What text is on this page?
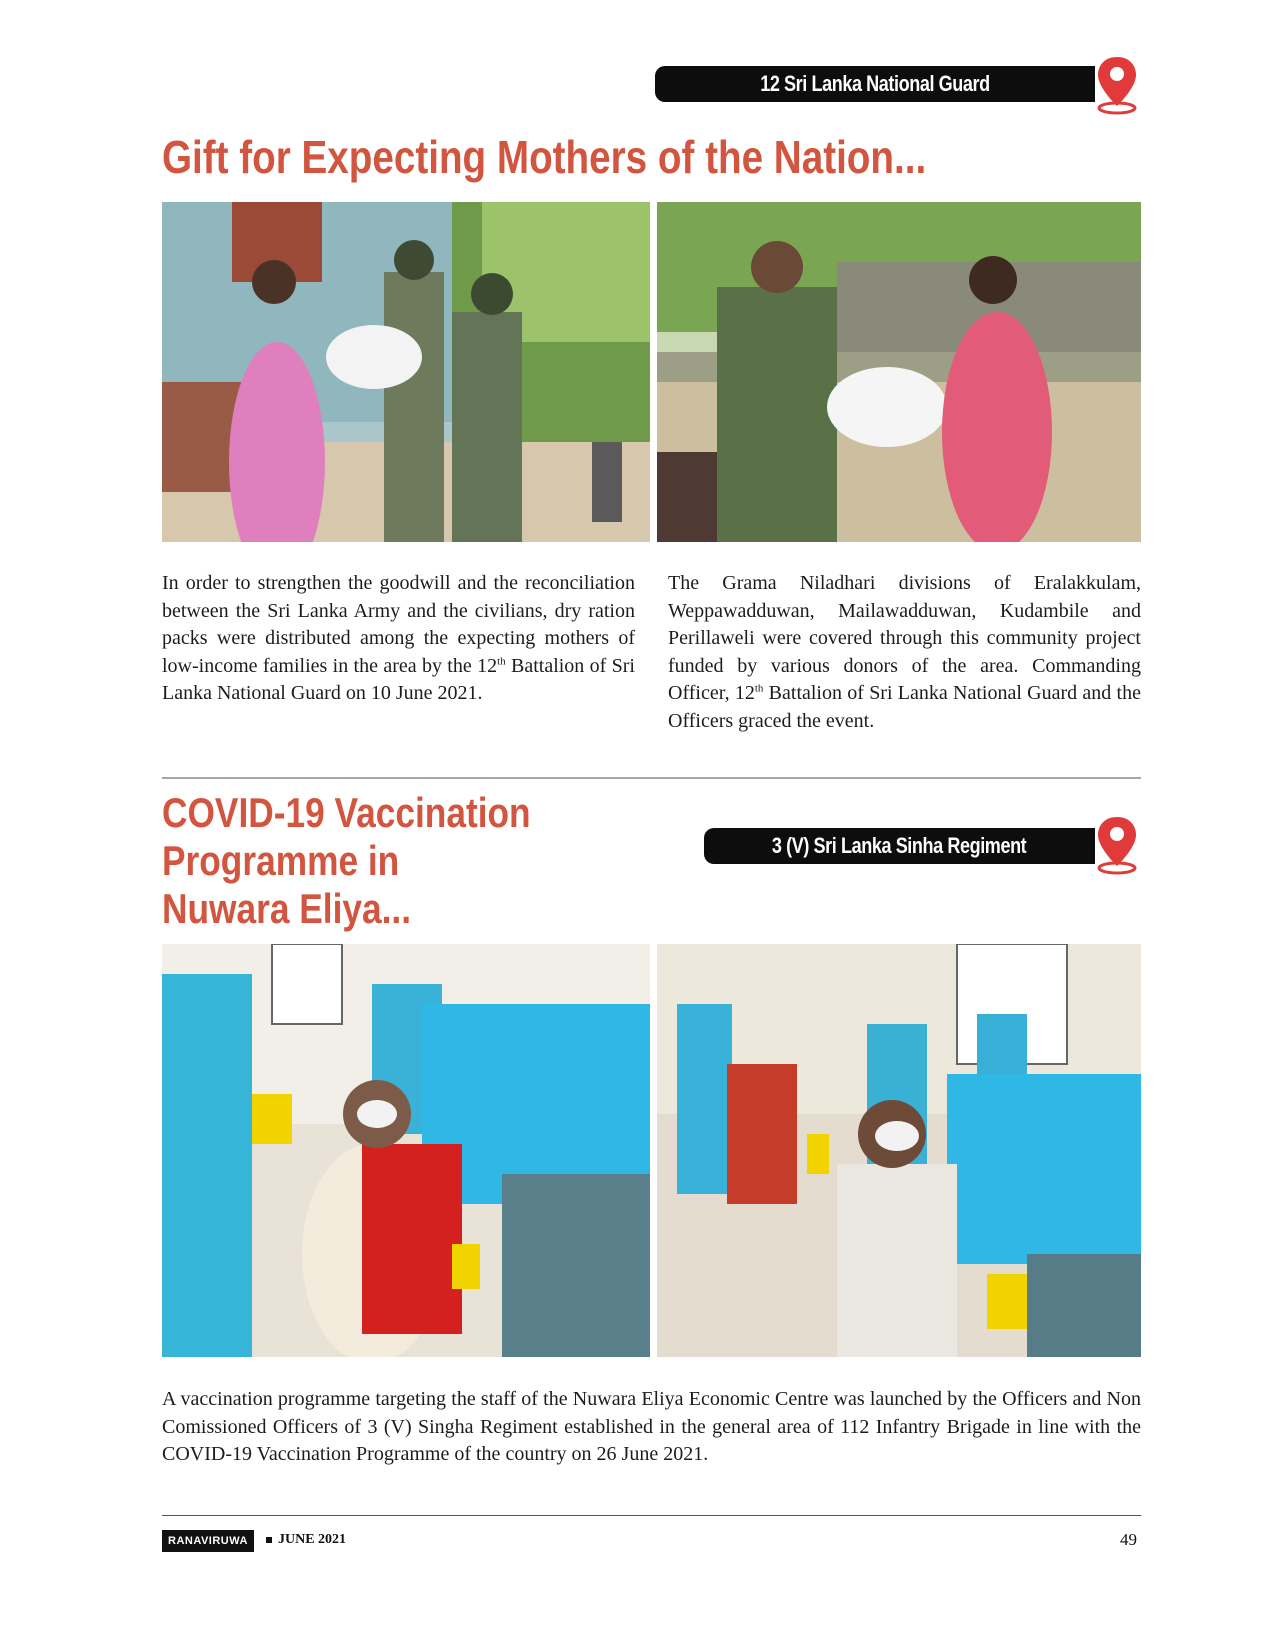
12 Sri Lanka National Guard
Gift for Expecting Mothers of the Nation...

In order to strengthen the goodwill and the reconciliation between the Sri Lanka Army and the civilians, dry ration packs were distributed among the expecting mothers of low-income families in the area by the 12th Battalion of Sri Lanka National Guard on 10 June 2021.

The Grama Niladhari divisions of Eralakkulam, Weppawadduwan, Mailawadduwan, Kudambile and Perillaweli were covered through this community project funded by various donors of the area. Commanding Officer, 12th Battalion of Sri Lanka National Guard and the Officers graced the event.

COVID-19 Vaccination
Programme in
Nuwara Eliya...
3 (V) Sri Lanka Sinha Regiment

A vaccination programme targeting the staff of the Nuwara Eliya Economic Centre was launched by the Officers and Non Comissioned Officers of 3 (V) Singha Regiment established in the general area of 112 Infantry Brigade in line with the COVID-19 Vaccination Programme of the country on 26 June 2021.

RANAVIRUWA	JUNE 2021	49
